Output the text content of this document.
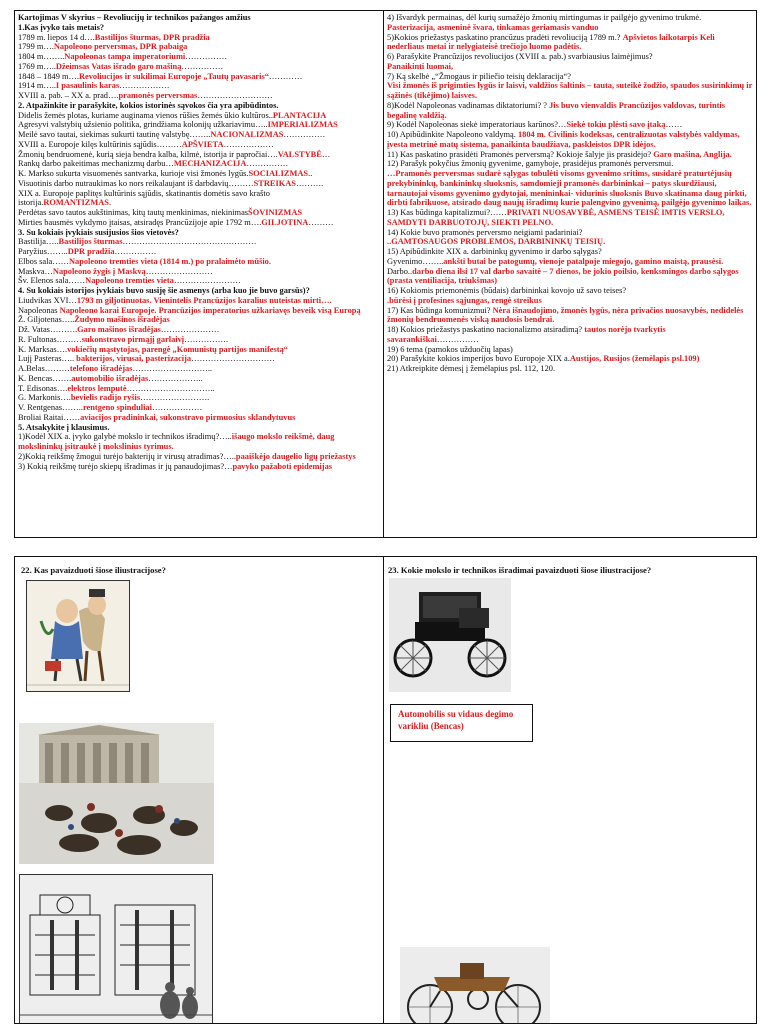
Kartojimas V skyrius – Revoliucijų ir technikos pažangos amžius
1.Kas įvyko tais metais?
1789 m. liepos 14 d….Bastilijos šturmas, DPR pradžia
1799 m….Napoleono perversmas, DPR pabaiga
1804 m……..Napoleonas tampa imperatoriumi……………
1769 m…..Džeimsas Vatas išrado garo mašiną……………
1848 – 1849 m….Revoliucijos ir sukilimai Europoje „Tautų pavasaris“…………
1914 m…..I pasaulinis karas………………
XVIII a. pab. – XX a. prad….pramonės perversmas………………………
2. Atpažinkite ir parašykite, kokios istorinės sąvokos čia yra apibūdintos.
Didelis žemės plotas, kuriame auginama vienos rūšies žemės ūkio kultūros..PLANTACIJA
Agresyvi valstybių užsienio politika, grindžiama kolonijų užkariavimu…..IMPERIALIZMAS
Meilė savo tautai, siekimas sukurti tautinę valstybę……..NACIONALIZMAS……………
XVIII a. Europoje kilęs kultūrinis sąjūdis………APŠVIETA………………
Žmonių bendruomenė, kurią sieja bendra kalba, kilmė, istorija ir papročiai….VALSTYBĖ…
Rankų darbo pakeitimas mechanizmų darbu…MECHANIZACIJA……………
K. Markso sukurta visuomenės santvarka, kurioje visi žmonės lygūs.SOCIALIZMAS..
Visuotinis darbo nutraukimas ko nors reikalaujant iš darbdavių………STREIKAS……….
XIX a. Europoje paplitęs kultūrinis sąjūdis, skatinantis domėtis savo krašto
istorija.ROMANTIZMAS.
Perdėtas savo tautos aukštinimas, kitų tautų menkinimas, niekinimasŠOVINIZMAS
Mirties bausmės vykdymo įtaisas, atsiradęs Prancūzijoje apie 1792 m….GILJOTINA………
3. Su kokiais įvykiais susijusios šios vietovės?
Bastilija…..Bastilijos šturmas…………………………………………
Paryžius……..DPR pradžia……………
Elbos sala……Napoleono tremties vieta (1814 m.) po pralaimėto mūšio.
Maskva…Napoleono žygis į Maskvą……………………
Šv. Elenos sala……Napoleono tremties vieta……………………
4. Su kokiais istorijos įvykiais buvo susiję šie asmenys (arba kuo jie buvo garsūs)?
Liudvikas XVI…1793 m giljotinuotas. Vienintelis Prancūzijos karalius nuteistas mirti….
Napoleonas Napoleono karai Europoje. Prancūzijos imperatorius užkariavęs beveik visą Europą
Ž. Giljotenas…..Žudymo mašinos išradėjas
Dž. Vatas……….Garo mašinos išradėjas…………………
R. Fultonas………sukonstravo pirmąjį garlaivį…………….
K. Marksas….vokiečių mąstytojas, parengė „Komunistų partijos manifestą“
Lujį Pasteras….. bakterijos, virusai, pasterizacija…………………………
A.Belas………telefono išradėjas………………………..
K. Bencas…….automobilio išradėjas………………..
T. Edisonas….elektros lemputė…………………………..
G. Markonis….bevielis radijo ryšis…………………….
V. Rentgenas……..rentgeno spinduliai………………
Broliai Raitai……aviacijos pradininkai, sukonstravo pirmuosius sklandytuvus
5. Atsakykite į klausimus.
1)Kodėl XIX a. įvyko galybė mokslo ir technikos išradimų?…..išaugo mokslo reikšmė, daug mokslininkų įsitraukė į mokslinius tyrimus.
2)Kokią reikšmę žmogui turėjo bakterijų ir virusų atradimas?…..paaiškėjo daugelio ligų priežastys
3) Kokią reikšmę turėjo skiepų išradimas ir jų panaudojimas?…pavyko pažaboti epidemijas
4) Išvardyk permainas, dėl kurių sumažėjo žmonių mirtingumas ir pailgėjo gyvenimo trukmė.
Pasterizacija, asmeninė švara, tinkamas geriamasis vanduo
5)Kokios priežastys paskatino prancūzus pradėti revoliuciją 1789 m.? Apšvietos laikotarpis Keli nederliaus metai ir nelygiateisė trečiojo luomo padėtis.
6) Parašykite Prancūzijos revoliucijos (XVIII a. pab.) svarbiausius laimėjimus?
Panaikinti luomai,
7) Ką skelbė „“Žmogaus ir piliečio teisių deklaracija“?
Visi žmonės iš prigimties lygūs ir laisvi, valdžios šaltinis – tauta, suteikė žodžio, spaudos susirinkimų ir sąžinės (tikėjimo) laisves.
8)Kodėl Napoleonas vadinamas diktatoriumi? ? Jis buvo vienvaldis Prancūzijos valdovas, turintis begalinę valdžią.
9) Kodėl Napoleonas siekė imperatoriaus karūnos?…Siekė tokiu plėsti savo įtaką……
10) Apibūdinkite Napoleono valdymą. 1804 m. Civilinis kodeksas, centralizuotas valstybės valdymas, įvesta metrinė matų sistema, panaikinta baudžiava, paskleistos DPR idėjos.
11) Kas paskatino prasidėti Pramonės perversmą? Kokioje šalyje jis prasidėjo? Garo mašina, Anglija.
12) Parašyk pokyčius žmonių gyvenime, gamyboje, prasidėjus pramonės perversmui.
…Pramonės perversmas sudarė sąlygas tobulėti visoms gyvenimo sritims, susidarė praturtėjusių prekybininkų, bankininkų sluoksnis, samdomieji pramonės darbininkai – patys skurdžiausi, tarnautojai visoms gyvenimo gydytojai, menininkai- vidurinis sluoksnis Buvo skatinama daug pirkti, dirbti fabrikuose, atsirado daug naujų išradimų kurie palengvino gyvenimą, pailgėjo gyvenimo laikas.
13) Kas būdinga kapitalizmui?……PRIVATI NUOSAVYBĖ, ASMENS TEISĖ IMTIS VERSLO, SAMDYTI DARBUOTOJŲ, SIEKTI PELNO.
14) Kokie buvo pramonės perversmo neigiami padariniai?
..GAMTOSAUGOS PROBLEMOS, DARBININKŲ TEISIŲ.
15) Apibūdinkite XIX a. darbininkų gyvenimo ir darbo sąlygas?
Gyvenimo……..ankšti butai be patogumų, vienoje patalpoje miegojo, gamino maistą, prausėsi.
Darbo..darbo diena ilsi 17 val darbo savaitė – 7 dienos, be jokio poilsio, kenksmingos darbo sąlygos (prasta ventiliacija, triukšmas)
16) Kokiomis priemonėmis (būdais) darbininkai kovojo už savo teises?
.būrėsi į profesines sąjungas, rengė streikus
17) Kas būdinga komunizmui? Nėra išnaudojimo, žmonės lygūs, nėra privačios nuosavybės, nedidelės žmonių bendruomenės viską naudosis bendrai.
18) Kokios priežastys paskatino nacionalizmo atsiradimą? tautos norėjo tvarkytis savarankiškai……………
19) 6 tema (pamokos užduočių lapas)
20) Parašykite kokios imperijos buvo Europoje XIX a.Austijos, Rusijos (žemėlapis psl.109)
21) Atkreipkite dėmesį į žemėlapius psl. 112, 120.
22. Kas pavaizduoti šiose iliustracijose?	23. Kokie mokslo ir technikos išradimai pavaizduoti šiose iliustracijose?
Automobilis su vidaus degimo varikliu (Bencas)
